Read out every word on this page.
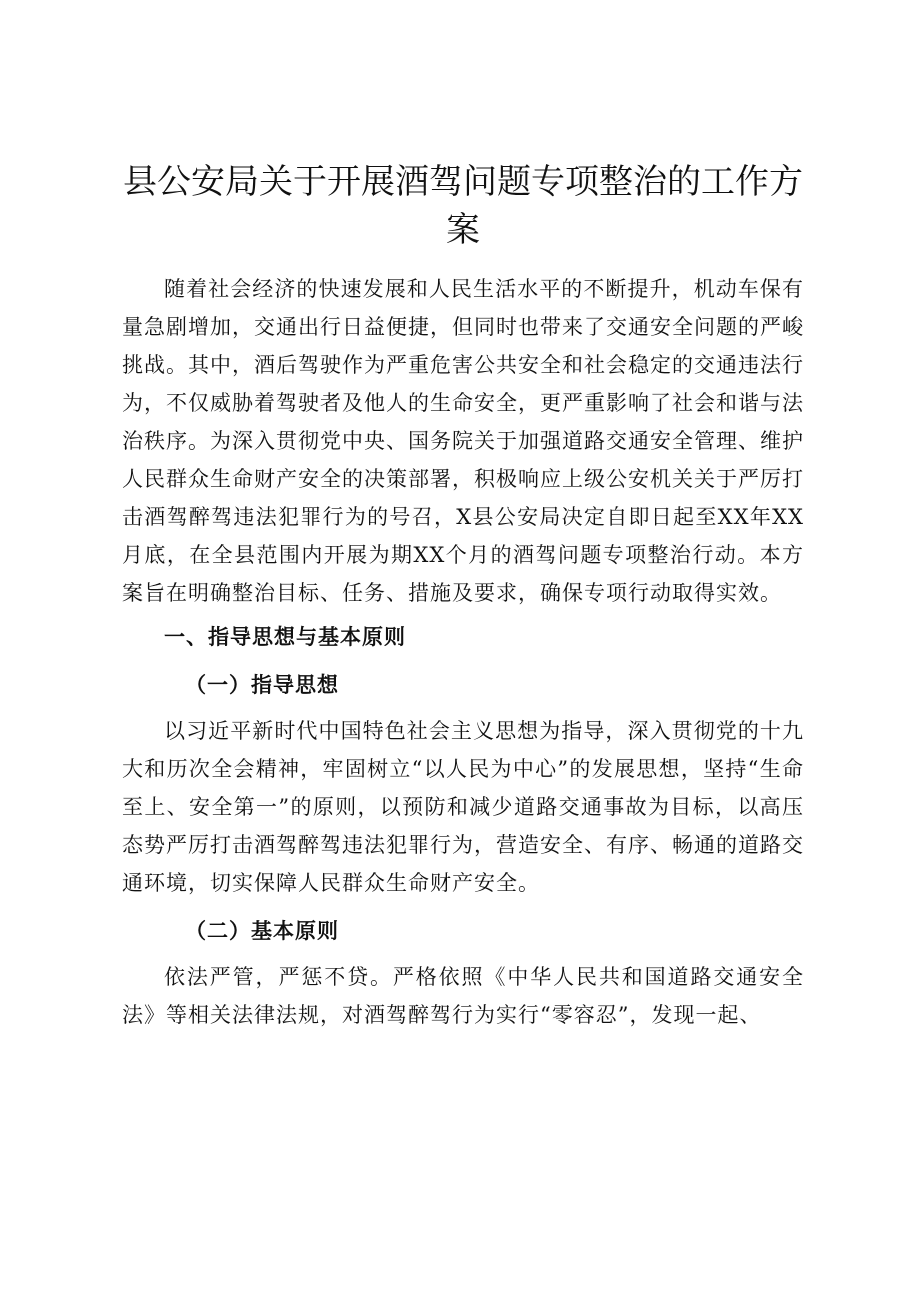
县公安局关于开展酒驾问题专项整治的工作方案

随着社会经济的快速发展和人民生活水平的不断提升，机动车保有量急剧增加，交通出行日益便捷，但同时也带来了交通安全问题的严峻挑战。其中，酒后驾驶作为严重危害公共安全和社会稳定的交通违法行为，不仅威胁着驾驶者及他人的生命安全，更严重影响了社会和谐与法治秩序。为深入贯彻党中央、国务院关于加强道路交通安全管理、维护人民群众生命财产安全的决策部署，积极响应上级公安机关关于严厉打击酒驾醉驾违法犯罪行为的号召，X县公安局决定自即日起至XX年XX月底，在全县范围内开展为期XX个月的酒驾问题专项整治行动。本方案旨在明确整治目标、任务、措施及要求，确保专项行动取得实效。

一、指导思想与基本原则
（一）指导思想

以习近平新时代中国特色社会主义思想为指导，深入贯彻党的十九大和历次全会精神，牢固树立“以人民为中心”的发展思想，坚持“生命至上、安全第一”的原则，以预防和减少道路交通事故为目标，以高压态势严厉打击酒驾醉驾违法犯罪行为，营造安全、有序、畅通的道路交通环境，切实保障人民群众生命财产安全。

（二）基本原则

依法严管，严惩不贷。严格依照《中华人民共和国道路交通安全法》等相关法律法规，对酒驾醉驾行为实行“零容忍”，发现一起、
